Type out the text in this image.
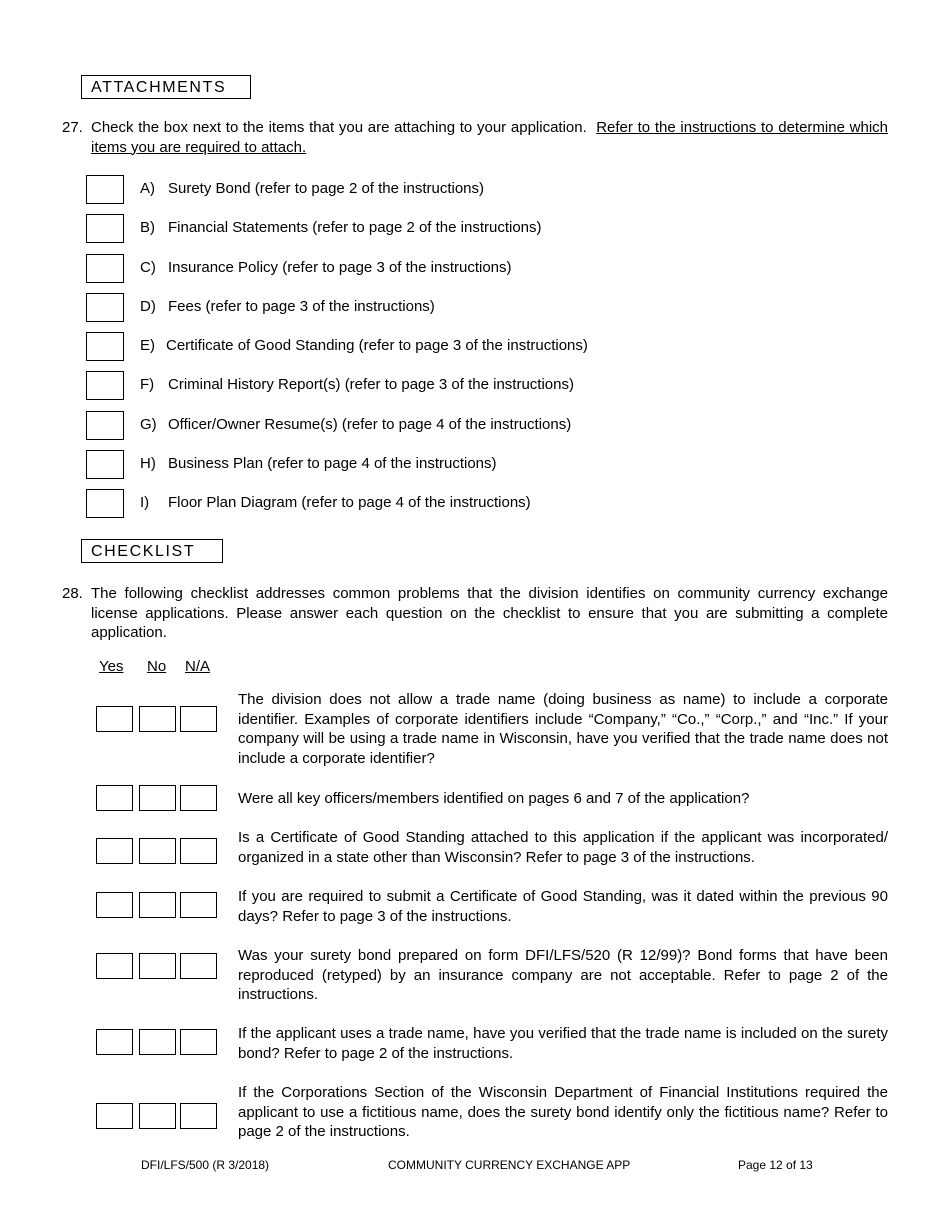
ATTACHMENTS
27. Check the box next to the items that you are attaching to your application. Refer to the instructions to determine which items you are required to attach.
A) Surety Bond (refer to page 2 of the instructions)
B) Financial Statements (refer to page 2 of the instructions)
C) Insurance Policy (refer to page 3 of the instructions)
D) Fees (refer to page 3 of the instructions)
E) Certificate of Good Standing (refer to page 3 of the instructions)
F) Criminal History Report(s) (refer to page 3 of the instructions)
G) Officer/Owner Resume(s) (refer to page 4 of the instructions)
H) Business Plan (refer to page 4 of the instructions)
I) Floor Plan Diagram (refer to page 4 of the instructions)
CHECKLIST
28. The following checklist addresses common problems that the division identifies on community currency exchange license applications. Please answer each question on the checklist to ensure that you are submitting a complete application.
Yes No N/A
The division does not allow a trade name (doing business as name) to include a corporate identifier. Examples of corporate identifiers include “Company,” “Co.,” “Corp.,” and “Inc.” If your company will be using a trade name in Wisconsin, have you verified that the trade name does not include a corporate identifier?
Were all key officers/members identified on pages 6 and 7 of the application?
Is a Certificate of Good Standing attached to this application if the applicant was incorporated/ organized in a state other than Wisconsin? Refer to page 3 of the instructions.
If you are required to submit a Certificate of Good Standing, was it dated within the previous 90 days? Refer to page 3 of the instructions.
Was your surety bond prepared on form DFI/LFS/520 (R 12/99)? Bond forms that have been reproduced (retyped) by an insurance company are not acceptable. Refer to page 2 of the instructions.
If the applicant uses a trade name, have you verified that the trade name is included on the surety bond? Refer to page 2 of the instructions.
If the Corporations Section of the Wisconsin Department of Financial Institutions required the applicant to use a fictitious name, does the surety bond identify only the fictitious name? Refer to page 2 of the instructions.
DFI/LFS/500 (R 3/2018)	COMMUNITY CURRENCY EXCHANGE APP	Page 12 of 13
